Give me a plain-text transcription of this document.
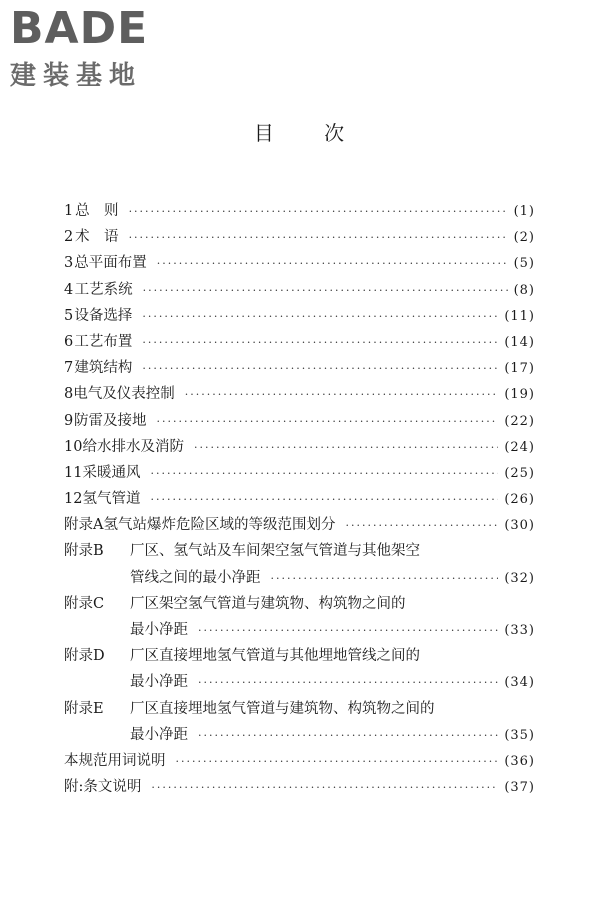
BADE
建装基地
目 次
1 总　则 ·····	(1)
2 术　语 ·····	(2)
3 总平面布置 ·····	(5)
4 工艺系统 ·····	(8)
5 设备选择 ·····	(11)
6 工艺布置 ·····	(14)
7 建筑结构 ·····	(17)
8 电气及仪表控制 ·····	(19)
9 防雷及接地 ·····	(22)
10 给水排水及消防 ·····	(24)
11 采暖通风 ·····	(25)
12 氢气管道 ·····	(26)
附录A 氢气站爆炸危险区域的等级范围划分 ·····	(30)
附录B	厂区、氢气站及车间架空氢气管道与其他架空
管线之间的最小净距 ·····	(32)
附录C	厂区架空氢气管道与建筑物、构筑物之间的
最小净距 ·····	(33)
附录D	厂区直接埋地氢气管道与其他埋地管线之间的
最小净距 ·····	(34)
附录E	厂区直接埋地氢气管道与建筑物、构筑物之间的
最小净距 ·····	(35)
本规范用词说明 ·····	(36)
附:条文说明 ·····	(37)
